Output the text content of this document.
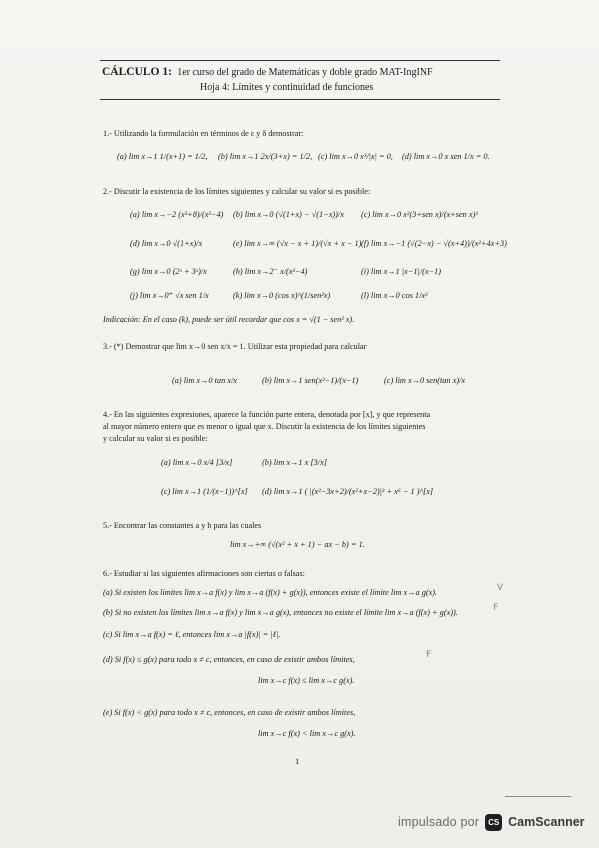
CÁLCULO 1: 1er curso del grado de Matemáticas y doble grado MAT-IngINF
Hoja 4: Límites y continuidad de funciones
1.- Utilizando la formulación en términos de ε y δ demostrar:
(a) lim x→1 1/(x+1) = 1/2, (b) lim x→1 2x/(3+x) = 1/2, (c) lim x→0 x³/|x| = 0, (d) lim x→0 x sen 1/x = 0.
2.- Discutir la existencia de los límites siguientes y calcular su valor si es posible:
(a) lim x→−2 (x³+8)/(x²−4) (b) lim x→0 (√(1+x) − √(1−x))/x (c) lim x→0 x²(3+sen x)/(x+sen x)²
(d) lim x→0 √(1+x)/x	(e) lim x→∞ (√x − x + 1)/(√x + x − 1) (f) lim x→−1 (√(2−x) − √(x+4))/(x²+4x+3)
(g) lim x→0 (2ˣ + 3ˣ)/x	(h) lim x→2⁻ x/(x²−4)	(i) lim x→1 |x−1|/(x−1)
(j) lim x→0⁺ √x sen 1/x	(k) lim x→0 (cos x)^(1/sen²x)	(l) lim x→0 cos 1/x²
Indicación: En el caso (k), puede ser útil recordar que cos x = √(1 − sen² x).
3.- (*) Demostrar que lim x→0 sen x/x = 1. Utilizar esta propiedad para calcular
(a) lim x→0 tan x/x	(b) lim x→1 sen(x²−1)/(x−1)	(c) lim x→0 sen(tan x)/x
4.- En las siguientes expresiones, aparece la función parte entera, denotada por [x], y que representa
al mayor número entero que es menor o igual que x. Discutir la existencia de los límites siguientes
y calcular su valor si es posible:
(a) lim x→0 x/4 [3/x]	(b) lim x→1 x [3/x]
(c) lim x→1 (1/(x−1))^[x] (d) lim x→1 ( |(x²−3x+2)/(x²+x−2)|³ + x⁶ − 1 )^[x]
5.- Encontrar las constantes a y b para las cuales
lim x→+∞ (√(x² + x + 1) − ax − b) = 1.
6.- Estudiar si las siguientes afirmaciones son ciertas o falsas:
(a) Si existen los límites lim x→a f(x) y lim x→a (f(x) + g(x)), entonces existe el límite lim x→a g(x).
(b) Si no existen los límites lim x→a f(x) y lim x→a g(x), entonces no existe el límite lim x→a (f(x) + g(x)).
(c) Si lim x→a f(x) = ℓ, entonces lim x→a |f(x)| = |ℓ|.
(d) Si f(x) ≤ g(x) para todo x ≠ c, entonces, en caso de existir ambos límites,
lim x→c f(x) ≤ lim x→c g(x).
(e) Si f(x) < g(x) para todo x ≠ c, entonces, en caso de existir ambos límites,
lim x→c f(x) < lim x→c g(x).
V
F
F
1
impulsado por	CS CamScanner
